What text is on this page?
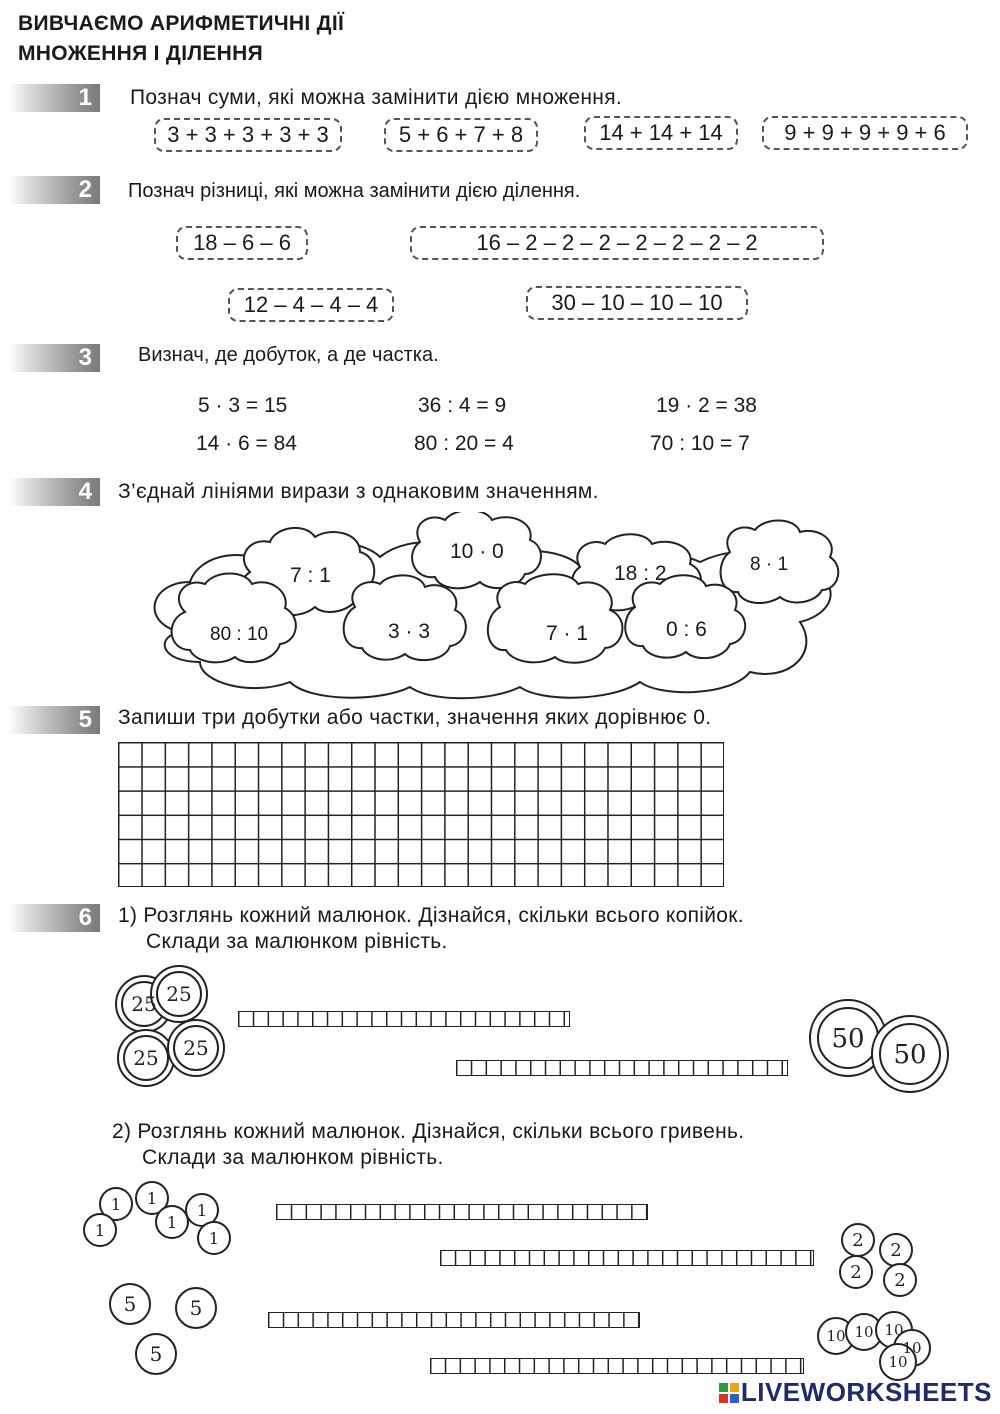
ВИВЧАЄМО АРИФМЕТИЧНІ ДІЇ
МНОЖЕННЯ І ДІЛЕННЯ
1 Познач суми, які можна замінити дією множення.
3 + 3 + 3 + 3 + 3	5 + 6 + 7 + 8	14 + 14 + 14	9 + 9 + 9 + 9 + 6
2 Познач різниці, які можна замінити дією ділення.
18 – 6 – 6	16 – 2 – 2 – 2 – 2 – 2 – 2 – 2
12 – 4 – 4 – 4	30 – 10 – 10 – 10
3 Визнач, де добуток, а де частка.
5 · 3 = 15	36 : 4 = 9	19 · 2 = 38
14 · 6 = 84	80 : 20 = 4	70 : 10 = 7
4 З’єднай лініями вирази з однаковим значенням.
10 · 0
7 : 1	18 : 2	8 · 1
80 : 10	3 · 3	7 · 1	0 : 6
5 Запиши три добутки або частки, значення яких дорівнює 0.
6 1) Розглянь кожний малюнок. Дізнайся, скільки всього копійок.
Склади за малюнком рівність.
25 25
25 25	50
50
2) Розглянь кожний малюнок. Дізнайся, скільки всього гривень.
Склади за малюнком рівність.
1 1
1	1
1
1	2 2
2 2
5	5
5
10 10 10
10
10
LIVEWORKSHEETS
